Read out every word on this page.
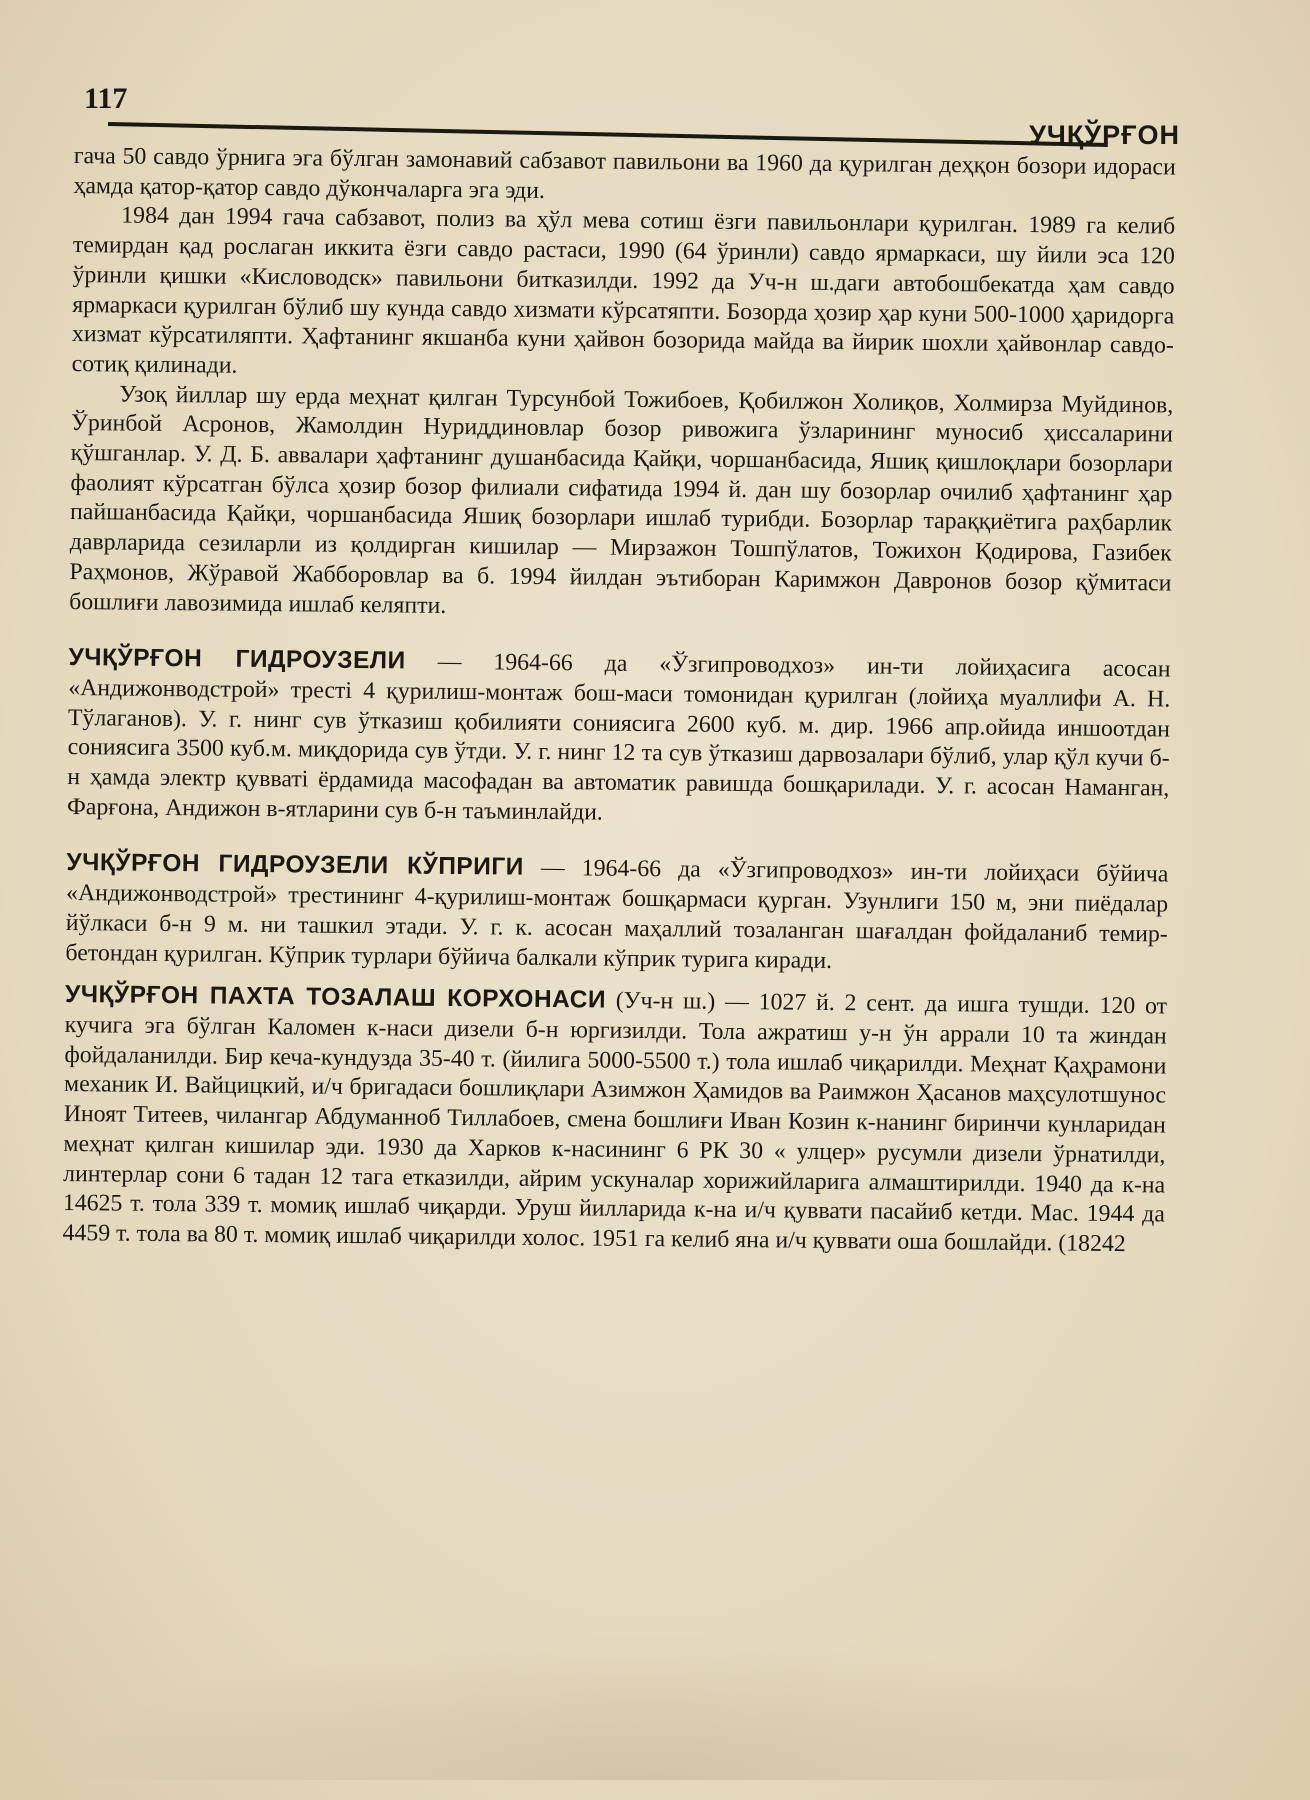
117
УЧҚЎРҒОН

гача 50 савдо ўрнига эга бўлган замонавий сабзавот павильони ва 1960 да қурилган деҳқон бозори идораси ҳамда қатор-қатор савдо дўкончаларга эга эди.

1984 дан 1994 гача сабзавот, полиз ва ҳўл мева сотиш ёзги павильонлари қурилган. 1989 га келиб темирдан қад рослаган иккита ёзги савдо растаси, 1990 (64 ўринли) савдо ярмаркаси, шу йили эса 120 ўринли қишки «Кисловодск» павильони битказилди. 1992 да Уч-н ш.даги автобошбекатда ҳам савдо ярмаркаси қурилган бўлиб шу кунда савдо хизмати кўрсатяпти. Бозорда ҳозир ҳар куни 500-1000 ҳаридорга хизмат кўрсатиляпти. Ҳафтанинг якшанба куни ҳайвон бозорида майда ва йирик шохли ҳайвонлар савдо-сотиқ қилинади.

Узоқ йиллар шу ерда меҳнат қилган Турсунбой Тожибоев, Қобилжон Холиқов, Холмирза Муйдинов, Ўринбой Асронов, Жамолдин Нуриддиновлар бозор ривожига ўзларининг муносиб ҳиссаларини қўшганлар. У. Д. Б. аввалари ҳафтанинг душанбасида Қайқи, чоршанбасида, Яшиқ қишлоқлари бозорлари фаолият кўрсатган бўлса ҳозир бозор филиали сифатида 1994 й. дан шу бозорлар очилиб ҳафтанинг ҳар пайшанбасида Қайқи, чоршанбасида Яшиқ бозорлари ишлаб турибди. Бозорлар тараққиётига раҳбарлик даврларида сезиларли из қолдирган кишилар — Мирзажон Тошпўлатов, Тожихон Қодирова, Газибек Раҳмонов, Жўравой Жабборовлар ва б. 1994 йилдан эътиборан Каримжон Давронов бозор қўмитаси бошлиғи лавозимида ишлаб келяпти.

УЧҚЎРҒОН ГИДРОУЗЕЛИ — 1964-66 да «Ўзгипроводхоз» ин-ти лойиҳасига асосан «Андижонводстрой» тресті 4 қурилиш-монтаж бош-маси томонидан қурилган (лойиҳа муаллифи А. Н. Тўлаганов). У. г. нинг сув ўтказиш қобилияти сониясига 2600 куб. м. дир. 1966 апр.ойида иншоотдан сониясига 3500 куб.м. миқдорида сув ўтди. У. г. нинг 12 та сув ўтказиш дарвозалари бўлиб, улар қўл кучи б-н ҳамда электр қувватi ёрдамида масофадан ва автоматик равишда бошқарилади. У. г. асосан Наманган, Фарғона, Андижон в-ятларини сув б-н таъминлайди.

УЧҚЎРҒОН ГИДРОУЗЕЛИ КЎПРИГИ — 1964-66 да «Ўзгипроводхоз» ин-ти лойиҳаси бўйича «Андижонводстрой» трестининг 4-қурилиш-монтаж бошқармаси қурган. Узунлиги 150 м, эни пиёдалар йўлкаси б-н 9 м. ни ташкил этади. У. г. к. асосан маҳаллий тозаланган шағалдан фойдаланиб темир-бетондан қурилган. Кўприк турлари бўйича балкали кўприк турига киради.

УЧҚЎРҒОН ПАХТА ТОЗАЛАШ КОРХОНАСИ (Уч-н ш.) — 1027 й. 2 сент. да ишга тушди. 120 от кучига эга бўлган Каломен к-наси дизели б-н юргизилди. Тола ажратиш у-н ўн аррали 10 та жиндан фойдаланилди. Бир кеча-кундузда 35-40 т. (йилига 5000-5500 т.) тола ишлаб чиқарилди. Меҳнат Қаҳрамони механик И. Вайцицкий, и/ч бригадаси бошлиқлари Азимжон Ҳамидов ва Раимжон Ҳасанов маҳсулотшунос Иноят Титеев, чилангар Абдуманноб Тиллабоев, смена бошлиғи Иван Козин к-нанинг биринчи кунларидан меҳнат қилган кишилар эди. 1930 да Харков к-насининг 6 РК 30 « улцер» русумли дизели ўрнатилди, линтерлар сони 6 тадан 12 тага етказилди, айрим ускуналар хорижийларига алмаштирилди. 1940 да к-на 14625 т. тола 339 т. момиқ ишлаб чиқарди. Уруш йилларида к-на и/ч қуввати пасайиб кетди. Мас. 1944 да 4459 т. тола ва 80 т. момиқ ишлаб чиқарилди холос. 1951 га келиб яна и/ч қуввати оша бошлайди. (18242
